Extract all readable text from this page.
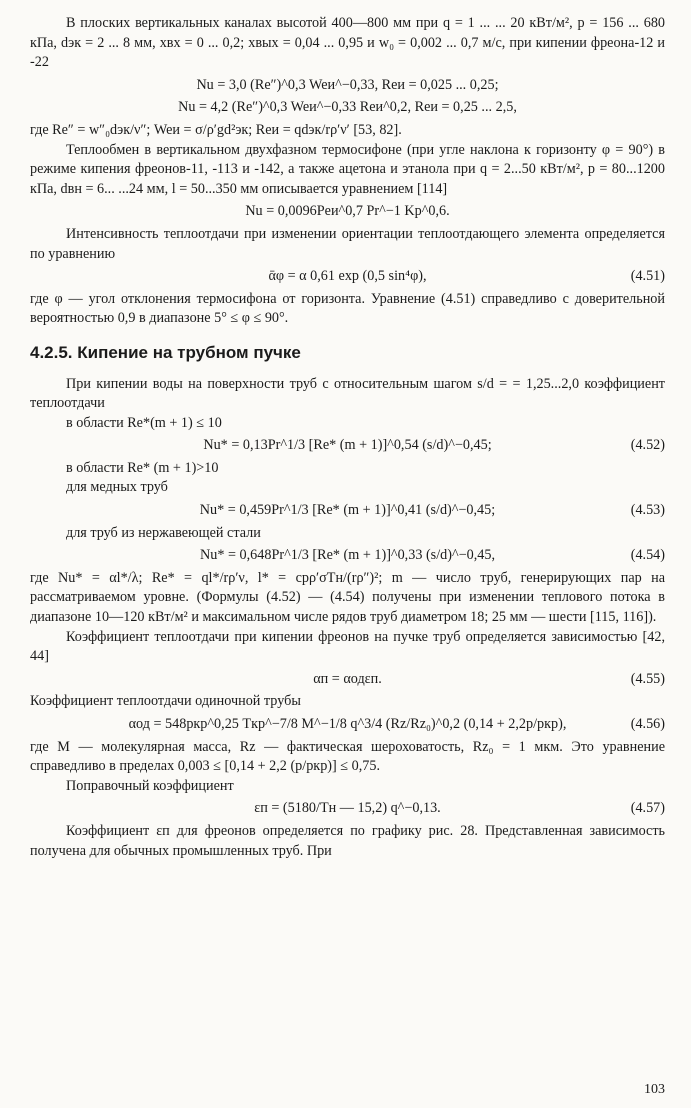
В плоских вертикальных каналах высотой 400—800 мм при q = 1 ... ... 20 кВт/м², p = 156 ... 680 кПа, dэк = 2 ... 8 мм, xвх = 0 ... 0,2; xвых = 0,04 ... 0,95 и w₀ = 0,002 ... 0,7 м/с, при кипении фреона-12 и -22

Nu = 3,0 (Re″)^0,3 Weи^−0,33, Reи = 0,025 ... 0,25;
Nu = 4,2 (Re″)^0,3 Weи^−0,33 Reи^0,2, Reи = 0,25 ... 2,5,

где Re″ = w″₀dэк/ν″; Weи = σ/ρ′gd²эк; Reи = qdэк/rρ′ν′ [53, 82].

Теплообмен в вертикальном двухфазном термосифоне (при угле наклона к горизонту φ = 90°) в режиме кипения фреонов-11, -113 и -142, а также ацетона и этанола при q = 2...50 кВт/м², p = 80...1200 кПа, dвн = 6... ...24 мм, l = 50...350 мм описывается уравнением [114]

Nu = 0,0096Peи^0,7 Pr^−1 Kp^0,6.

Интенсивность теплоотдачи при изменении ориентации теплоотдающего элемента определяется по уравнению

ᾱφ = α 0,61 exp (0,5 sin⁴φ),	(4.51)

где φ — угол отклонения термосифона от горизонта. Уравнение (4.51) справедливо с доверительной вероятностью 0,9 в диапазоне 5° ≤ φ ≤ 90°.

4.2.5. Кипение на трубном пучке

При кипении воды на поверхности труб с относительным шагом s/d = = 1,25...2,0 коэффициент теплоотдачи

в области Re*(m + 1) ≤ 10
Nu* = 0,13Pr^1/3 [Re* (m + 1)]^0,54 (s/d)^−0,45;	(4.52)
в области Re* (m + 1)>10
для медных труб
Nu* = 0,459Pr^1/3 [Re* (m + 1)]^0,41 (s/d)^−0,45;	(4.53)
для труб из нержавеющей стали
Nu* = 0,648Pr^1/3 [Re* (m + 1)]^0,33 (s/d)^−0,45,	(4.54)

где Nu* = αl*/λ; Re* = ql*/rρ′ν, l* = cpρ′σTн/(rρ″)²; m — число труб, генерирующих пар на рассматриваемом уровне. (Формулы (4.52) — (4.54) получены при изменении теплового потока в диапазоне 10—120 кВт/м² и максимальном числе рядов труб диаметром 18; 25 мм — шести [115, 116]).

Коэффициент теплоотдачи при кипении фреонов на пучке труб определяется зависимостью [42, 44]

αп = αодεп.	(4.55)

Коэффициент теплоотдачи одиночной трубы

αод = 548pкр^0,25 Tкр^−7/8 M^−1/8 q^3/4 (Rz/Rz₀)^0,2 (0,14 + 2,2p/pкр),	(4.56)

где M — молекулярная масса, Rz — фактическая шероховатость, Rz₀ = 1 мкм. Это уравнение справедливо в пределах 0,003 ≤ [0,14 + 2,2 (p/pкр)] ≤ 0,75.

Поправочный коэффициент

εп = (5180/Tн — 15,2) q^−0,13.	(4.57)

Коэффициент εп для фреонов определяется по графику рис. 28. Представленная зависимость получена для обычных промышленных труб. При

103
